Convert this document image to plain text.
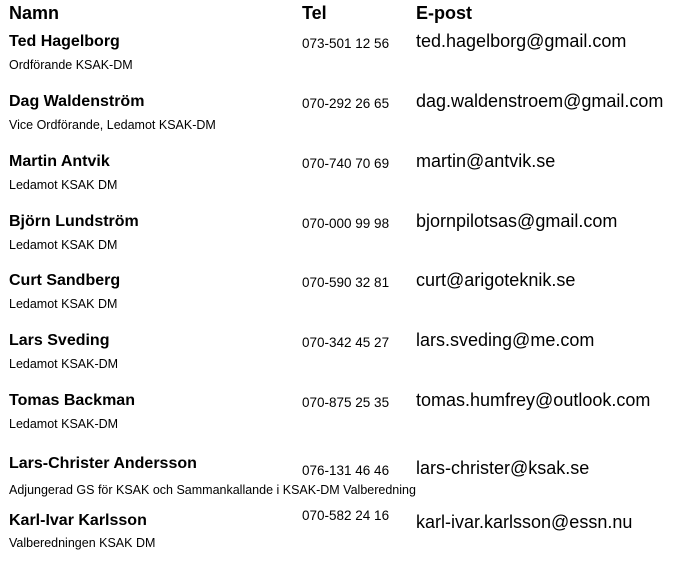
Namn	Tel	E-post
Ted Hagelborg
Ordförande KSAK-DM
073-501 12 56 ted.hagelborg@gmail.com
Dag Waldenström
Vice Ordförande, Ledamot KSAK-DM
070-292 26 65 dag.waldenstroem@gmail.com
Martin Antvik
Ledamot KSAK DM
070-740 70 69 martin@antvik.se
Björn Lundström
Ledamot KSAK DM
070-000 99 98 bjornpilotsas@gmail.com
Curt Sandberg
Ledamot KSAK DM
070-590 32 81 curt@arigoteknik.se
Lars Sveding
Ledamot KSAK-DM
070-342 45 27 lars.sveding@me.com
Tomas Backman
Ledamot KSAK-DM
070-875 25 35 tomas.humfrey@outlook.com
Lars-Christer Andersson
Adjungerad GS för KSAK och Sammankallande i KSAK-DM Valberedning
076-131 46 46 lars-christer@ksak.se
Karl-Ivar Karlsson
Valberedningen KSAK DM
070-582 24 16 karl-ivar.karlsson@essn.nu
